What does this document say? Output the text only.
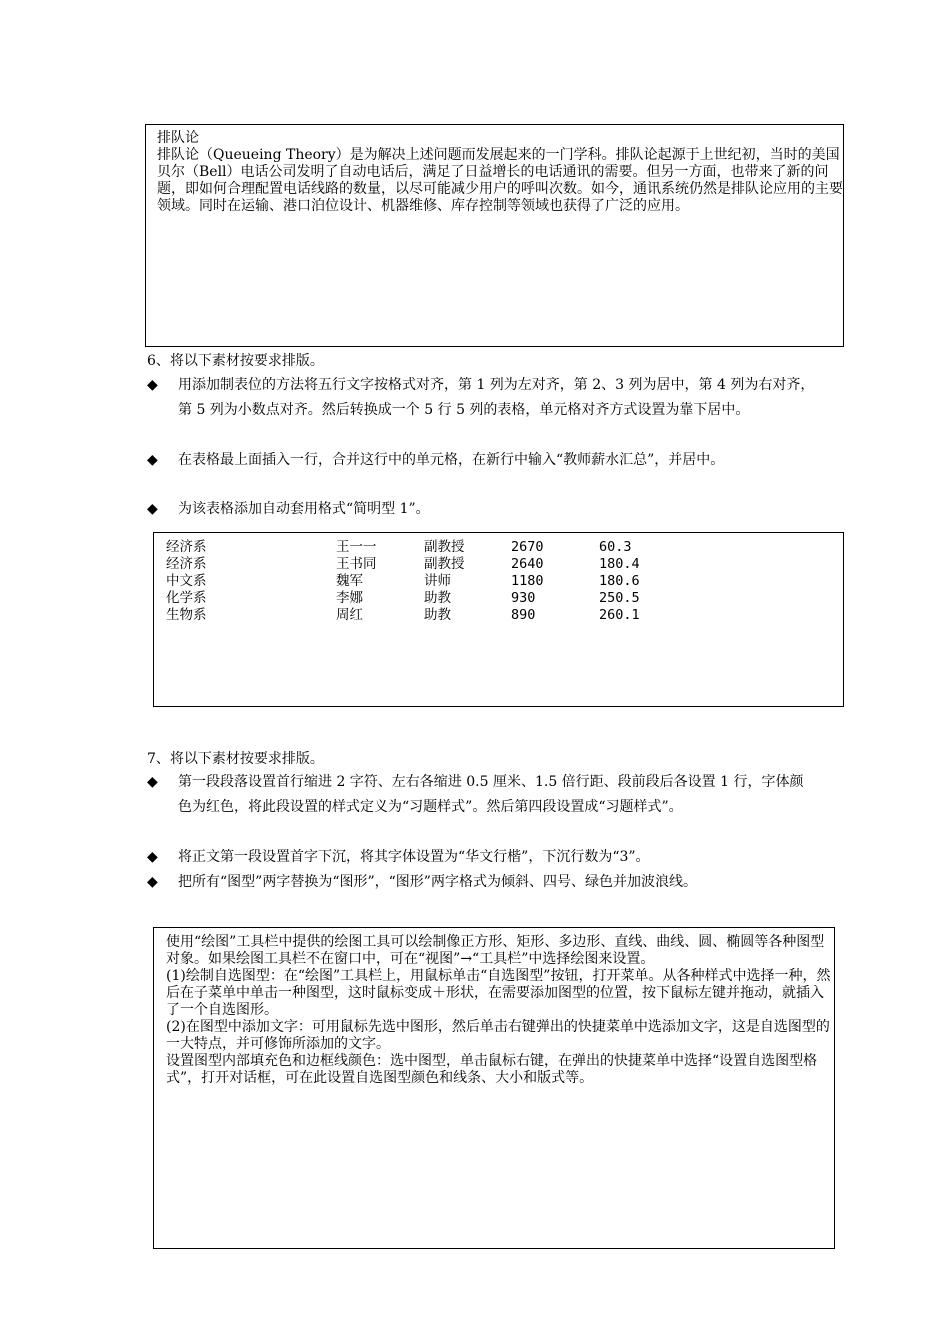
排队论

排队论（Queueing Theory）是为解决上述问题而发展起来的一门学科。排队论起源于上世纪初，当时的美国贝尔（Bell）电话公司发明了自动电话后，满足了日益增长的电话通讯的需要。但另一方面，也带来了新的问题，即如何合理配置电话线路的数量，以尽可能减少用户的呼叫次数。如今，通讯系统仍然是排队论应用的主要领域。同时在运输、港口泊位设计、机器维修、库存控制等领域也获得了广泛的应用。

6、将以下素材按要求排版。

◆	用添加制表位的方法将五行文字按格式对齐，第 1 列为左对齐，第 2、3 列为居中，第 4 列为右对齐，第 5 列为小数点对齐。然后转换成一个 5 行 5 列的表格，单元格对齐方式设置为靠下居中。
◆	在表格最上面插入一行，合并这行中的单元格，在新行中输入“教师薪水汇总”，并居中。
◆	为该表格添加自动套用格式“简明型 1”。
经济系	王一一	副教授	2670	60.3
经济系	王书同	副教授	2640	180.4
中文系	魏军	讲师	1180	180.6
化学系	李娜	助教	930	250.5
生物系	周红	助教	890	260.1

7、将以下素材按要求排版。

◆	第一段段落设置首行缩进 2 字符、左右各缩进 0.5 厘米、1.5 倍行距、段前段后各设置 1 行，字体颜色为红色，将此段设置的样式定义为“习题样式”。然后第四段设置成“习题样式”。
◆	将正文第一段设置首字下沉，将其字体设置为“华文行楷”，下沉行数为“3”。
◆	把所有“图型”两字替换为“图形”，“图形”两字格式为倾斜、四号、绿色并加波浪线。

使用“绘图”工具栏中提供的绘图工具可以绘制像正方形、矩形、多边形、直线、曲线、圆、椭圆等各种图型对象。如果绘图工具栏不在窗口中，可在“视图”→“工具栏”中选择绘图来设置。

(1)绘制自选图型：在“绘图”工具栏上，用鼠标单击“自选图型”按钮，打开菜单。从各种样式中选择一种，然后在子菜单中单击一种图型，这时鼠标变成＋形状，在需要添加图型的位置，按下鼠标左键并拖动，就插入了一个自选图形。

(2)在图型中添加文字：可用鼠标先选中图形，然后单击右键弹出的快捷菜单中选添加文字，这是自选图型的一大特点，并可修饰所添加的文字。

设置图型内部填充色和边框线颜色：选中图型，单击鼠标右键，在弹出的快捷菜单中选择“设置自选图型格式”，打开对话框，可在此设置自选图型颜色和线条、大小和版式等。
